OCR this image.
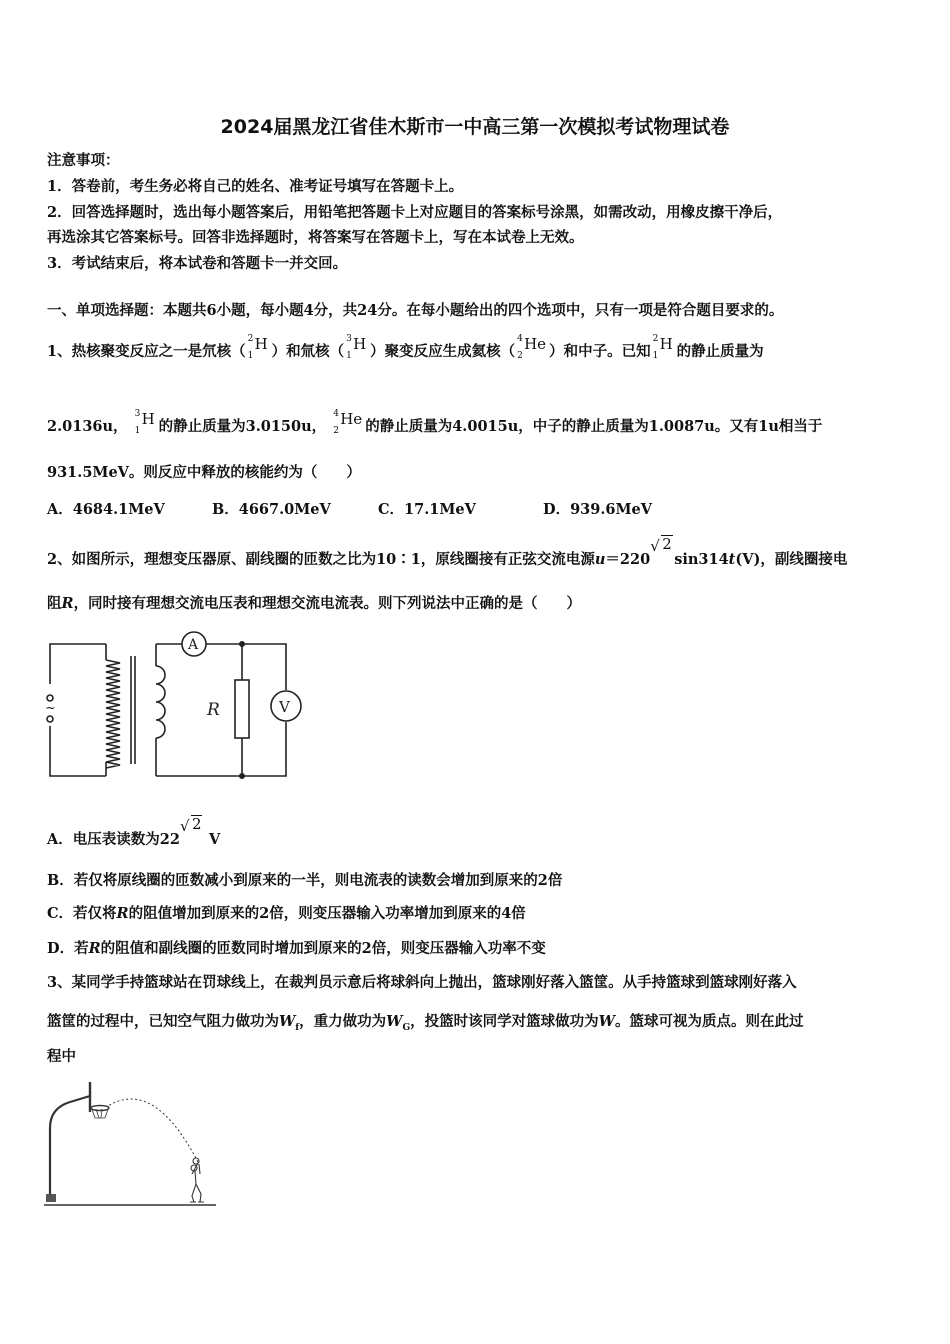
2024届黑龙江省佳木斯市一中高三第一次模拟考试物理试卷
注意事项：
1．答卷前，考生务必将自己的姓名、准考证号填写在答题卡上。
2．回答选择题时，选出每小题答案后，用铅笔把答题卡上对应题目的答案标号涂黑，如需改动，用橡皮擦干净后，
再选涂其它答案标号。回答非选择题时，将答案写在答题卡上，写在本试卷上无效。
3．考试结束后，将本试卷和答题卡一并交回。
一、单项选择题：本题共6小题，每小题4分，共24分。在每小题给出的四个选项中，只有一项是符合题目要求的。
1、热核聚变反应之一是氘核（
2
1
H ）和氚核（
3
1
H ）聚变反应生成氦核（
4
2
He ）和中子。已知
2
1
H 的静止质量为
2.0136u，
3
1
H 的静止质量为3.0150u，
4
2
He 的静止质量为4.0015u，中子的静止质量为1.0087u。又有1u相当于
931.5MeV。则反应中释放的核能约为（　　）
A．4684.1MeV	B．4667.0MeV	C．17.1MeV	D．939.6MeV
2、如图所示，理想变压器原、副线圈的匝数之比为10∶1，原线圈接有正弦交流电源u＝220
√ 2
sin314t(V)，副线圈接电
阻R，同时接有理想交流电压表和理想交流电流表。则下列说法中正确的是（　　）
~
A
V
R
A．电压表读数为22
√ 2
V
B．若仅将原线圈的匝数减小到原来的一半，则电流表的读数会增加到原来的2倍
C．若仅将R的阻值增加到原来的2倍，则变压器输入功率增加到原来的4倍
D．若R的阻值和副线圈的匝数同时增加到原来的2倍，则变压器输入功率不变
3、某同学手持篮球站在罚球线上，在裁判员示意后将球斜向上抛出，篮球刚好落入篮筐。从手持篮球到篮球刚好落入
篮筐的过程中，已知空气阻力做功为$W_f$，重力做功为$W_G$，投篮时该同学对篮球做功为W。篮球可视为质点。则在此过
程中
